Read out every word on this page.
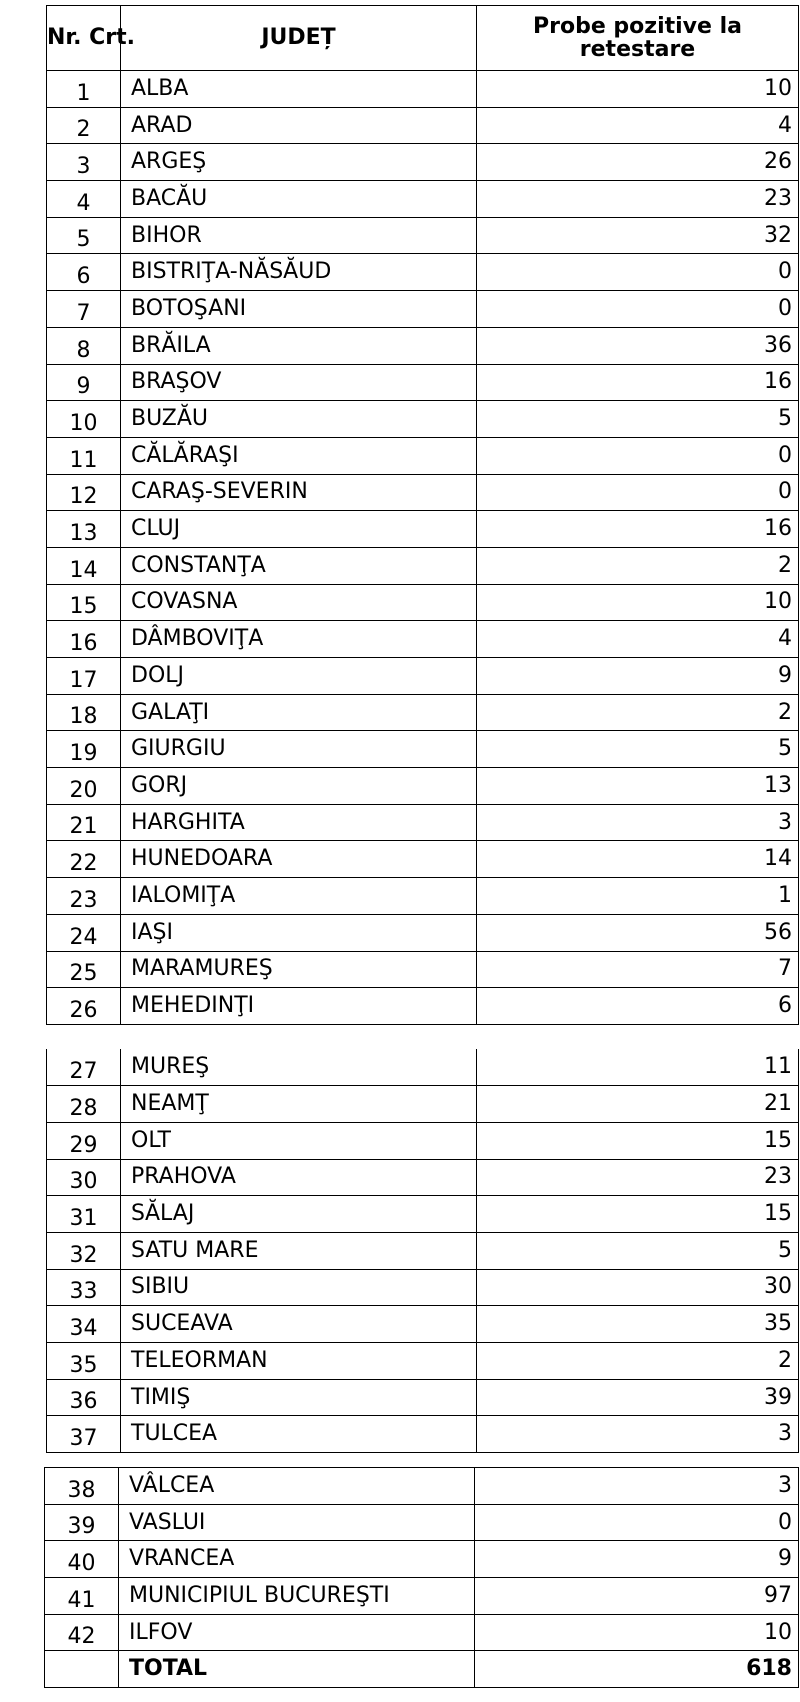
Nr. Crt.	JUDEȚ	Probe pozitive la retestare
1	ALBA	10
2	ARAD	4
3	ARGEŞ	26
4	BACĂU	23
5	BIHOR	32
6	BISTRIŢA-NĂSĂUD	0
7	BOTOŞANI	0
8	BRĂILA	36
9	BRAŞOV	16
10	BUZĂU	5
11	CĂLĂRAŞI	0
12	CARAŞ-SEVERIN	0
13	CLUJ	16
14	CONSTANŢA	2
15	COVASNA	10
16	DÂMBOVIŢA	4
17	DOLJ	9
18	GALAŢI	2
19	GIURGIU	5
20	GORJ	13
21	HARGHITA	3
22	HUNEDOARA	14
23	IALOMIŢA	1
24	IAŞI	56
25	MARAMUREŞ	7
26	MEHEDINŢI	6
27	MUREŞ	11
28	NEAMŢ	21
29	OLT	15
30	PRAHOVA	23
31	SĂLAJ	15
32	SATU MARE	5
33	SIBIU	30
34	SUCEAVA	35
35	TELEORMAN	2
36	TIMIŞ	39
37	TULCEA	3
38	VÂLCEA	3
39	VASLUI	0
40	VRANCEA	9
41	MUNICIPIUL BUCUREŞTI	97
42	ILFOV	10
	TOTAL	618
